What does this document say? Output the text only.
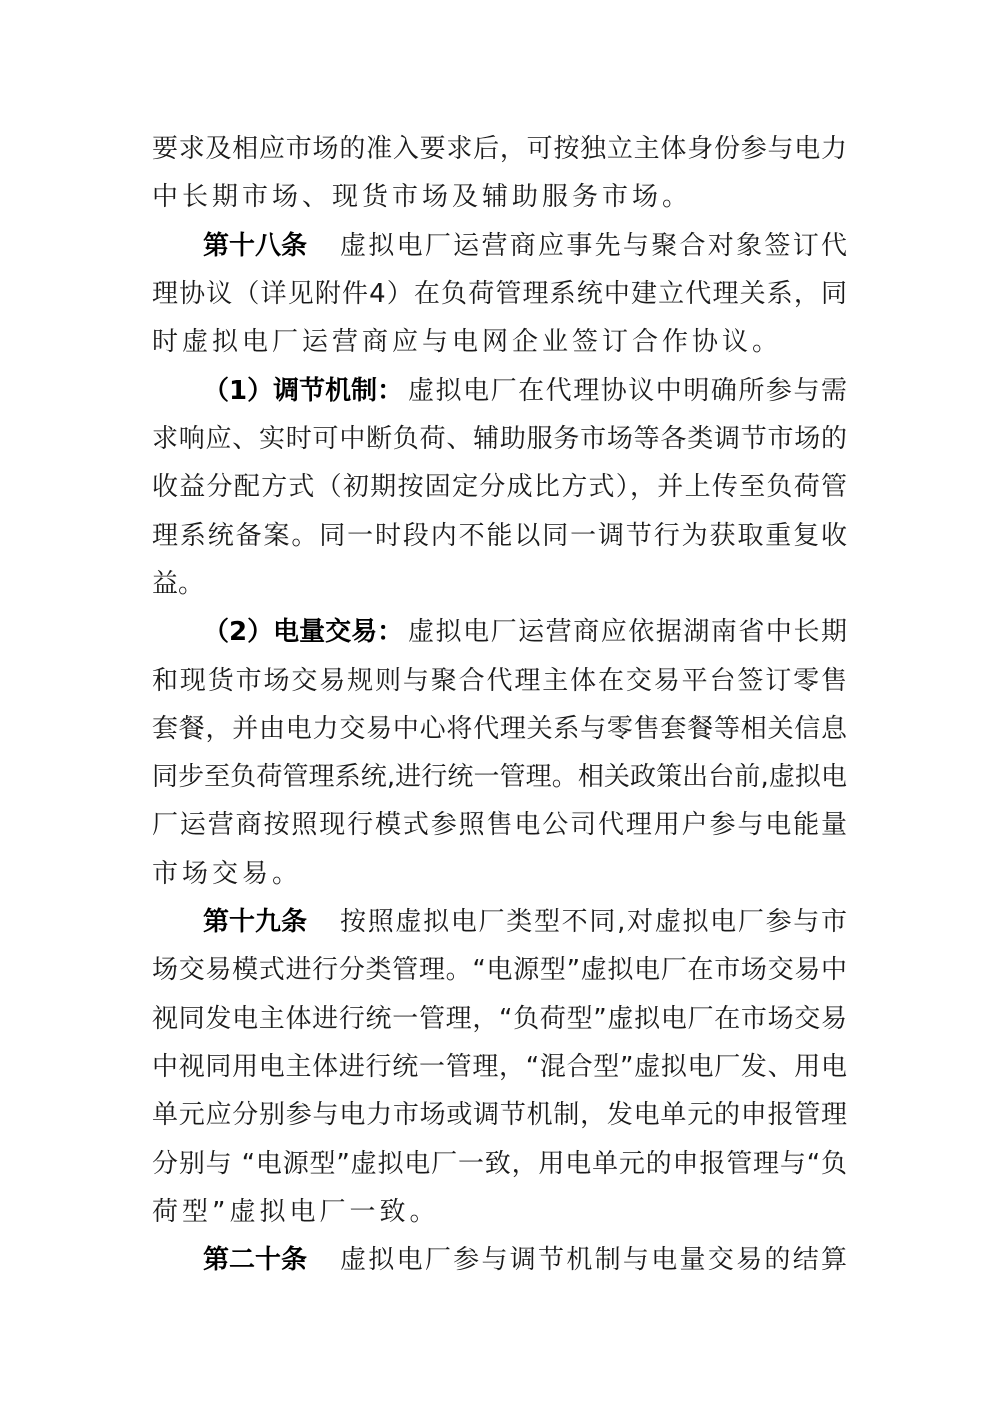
要求及相应市场的准入要求后，可按独立主体身份参与电力
中长期市场、现货市场及辅助服务市场。
第十八条 虚拟电厂运营商应事先与聚合对象签订代
理协议（详见附件4）在负荷管理系统中建立代理关系，同
时虚拟电厂运营商应与电网企业签订合作协议。
（1）调节机制： 虚拟电厂在代理协议中明确所参与需
求响应、实时可中断负荷、辅助服务市场等各类调节市场的
收益分配方式（初期按固定分成比方式），并上传至负荷管
理系统备案。同一时段内不能以同一调节行为获取重复收
益。
（2）电量交易： 虚拟电厂运营商应依据湖南省中长期
和现货市场交易规则与聚合代理主体在交易平台签订零售
套餐，并由电力交易中心将代理关系与零售套餐等相关信息
同步至负荷管理系统,进行统一管理。相关政策出台前,虚拟电
厂运营商按照现行模式参照售电公司代理用户参与电能量
市场交易。
第十九条 按照虚拟电厂类型不同,对虚拟电厂参与市
场交易模式进行分类管理。“电源型”虚拟电厂在市场交易中
视同发电主体进行统一管理，“负荷型”虚拟电厂在市场交易
中视同用电主体进行统一管理，“混合型”虚拟电厂发、用电
单元应分别参与电力市场或调节机制，发电单元的申报管理
分别与 “电源型”虚拟电厂一致，用电单元的申报管理与“负
荷型”虚拟电厂一致。
第二十条 虚拟电厂参与调节机制与电量交易的结算
